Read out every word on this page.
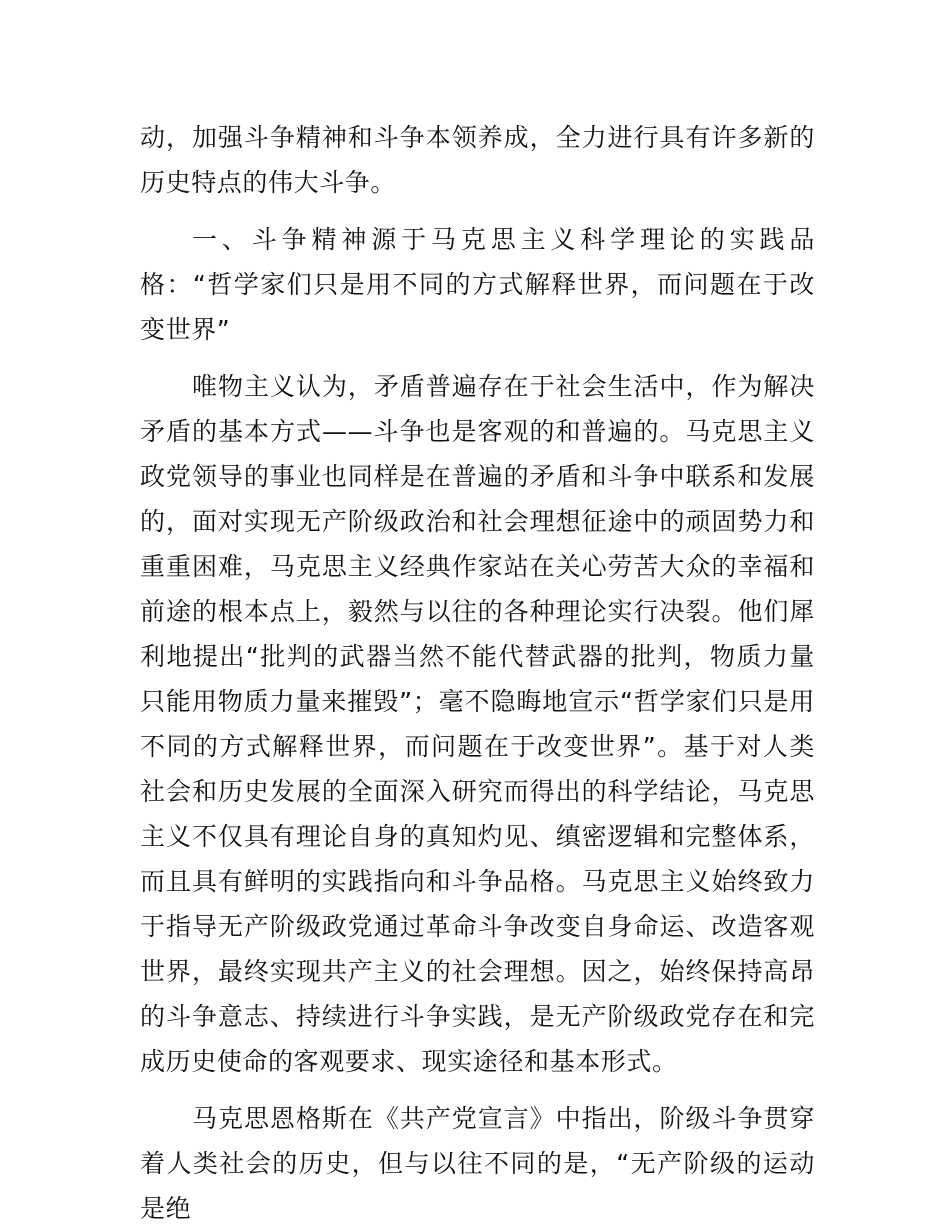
动，加强斗争精神和斗争本领养成，全力进行具有许多新的历史特点的伟大斗争。

一、斗争精神源于马克思主义科学理论的实践品格：“哲学家们只是用不同的方式解释世界，而问题在于改变世界”

唯物主义认为，矛盾普遍存在于社会生活中，作为解决矛盾的基本方式——斗争也是客观的和普遍的。马克思主义政党领导的事业也同样是在普遍的矛盾和斗争中联系和发展的，面对实现无产阶级政治和社会理想征途中的顽固势力和重重困难，马克思主义经典作家站在关心劳苦大众的幸福和前途的根本点上，毅然与以往的各种理论实行决裂。他们犀利地提出“批判的武器当然不能代替武器的批判，物质力量只能用物质力量来摧毁”；毫不隐晦地宣示“哲学家们只是用不同的方式解释世界，而问题在于改变世界”。基于对人类社会和历史发展的全面深入研究而得出的科学结论，马克思主义不仅具有理论自身的真知灼见、缜密逻辑和完整体系，而且具有鲜明的实践指向和斗争品格。马克思主义始终致力于指导无产阶级政党通过革命斗争改变自身命运、改造客观世界，最终实现共产主义的社会理想。因之，始终保持高昂的斗争意志、持续进行斗争实践，是无产阶级政党存在和完成历史使命的客观要求、现实途径和基本形式。

马克思恩格斯在《共产党宣言》中指出，阶级斗争贯穿着人类社会的历史，但与以往不同的是，“无产阶级的运动是绝
